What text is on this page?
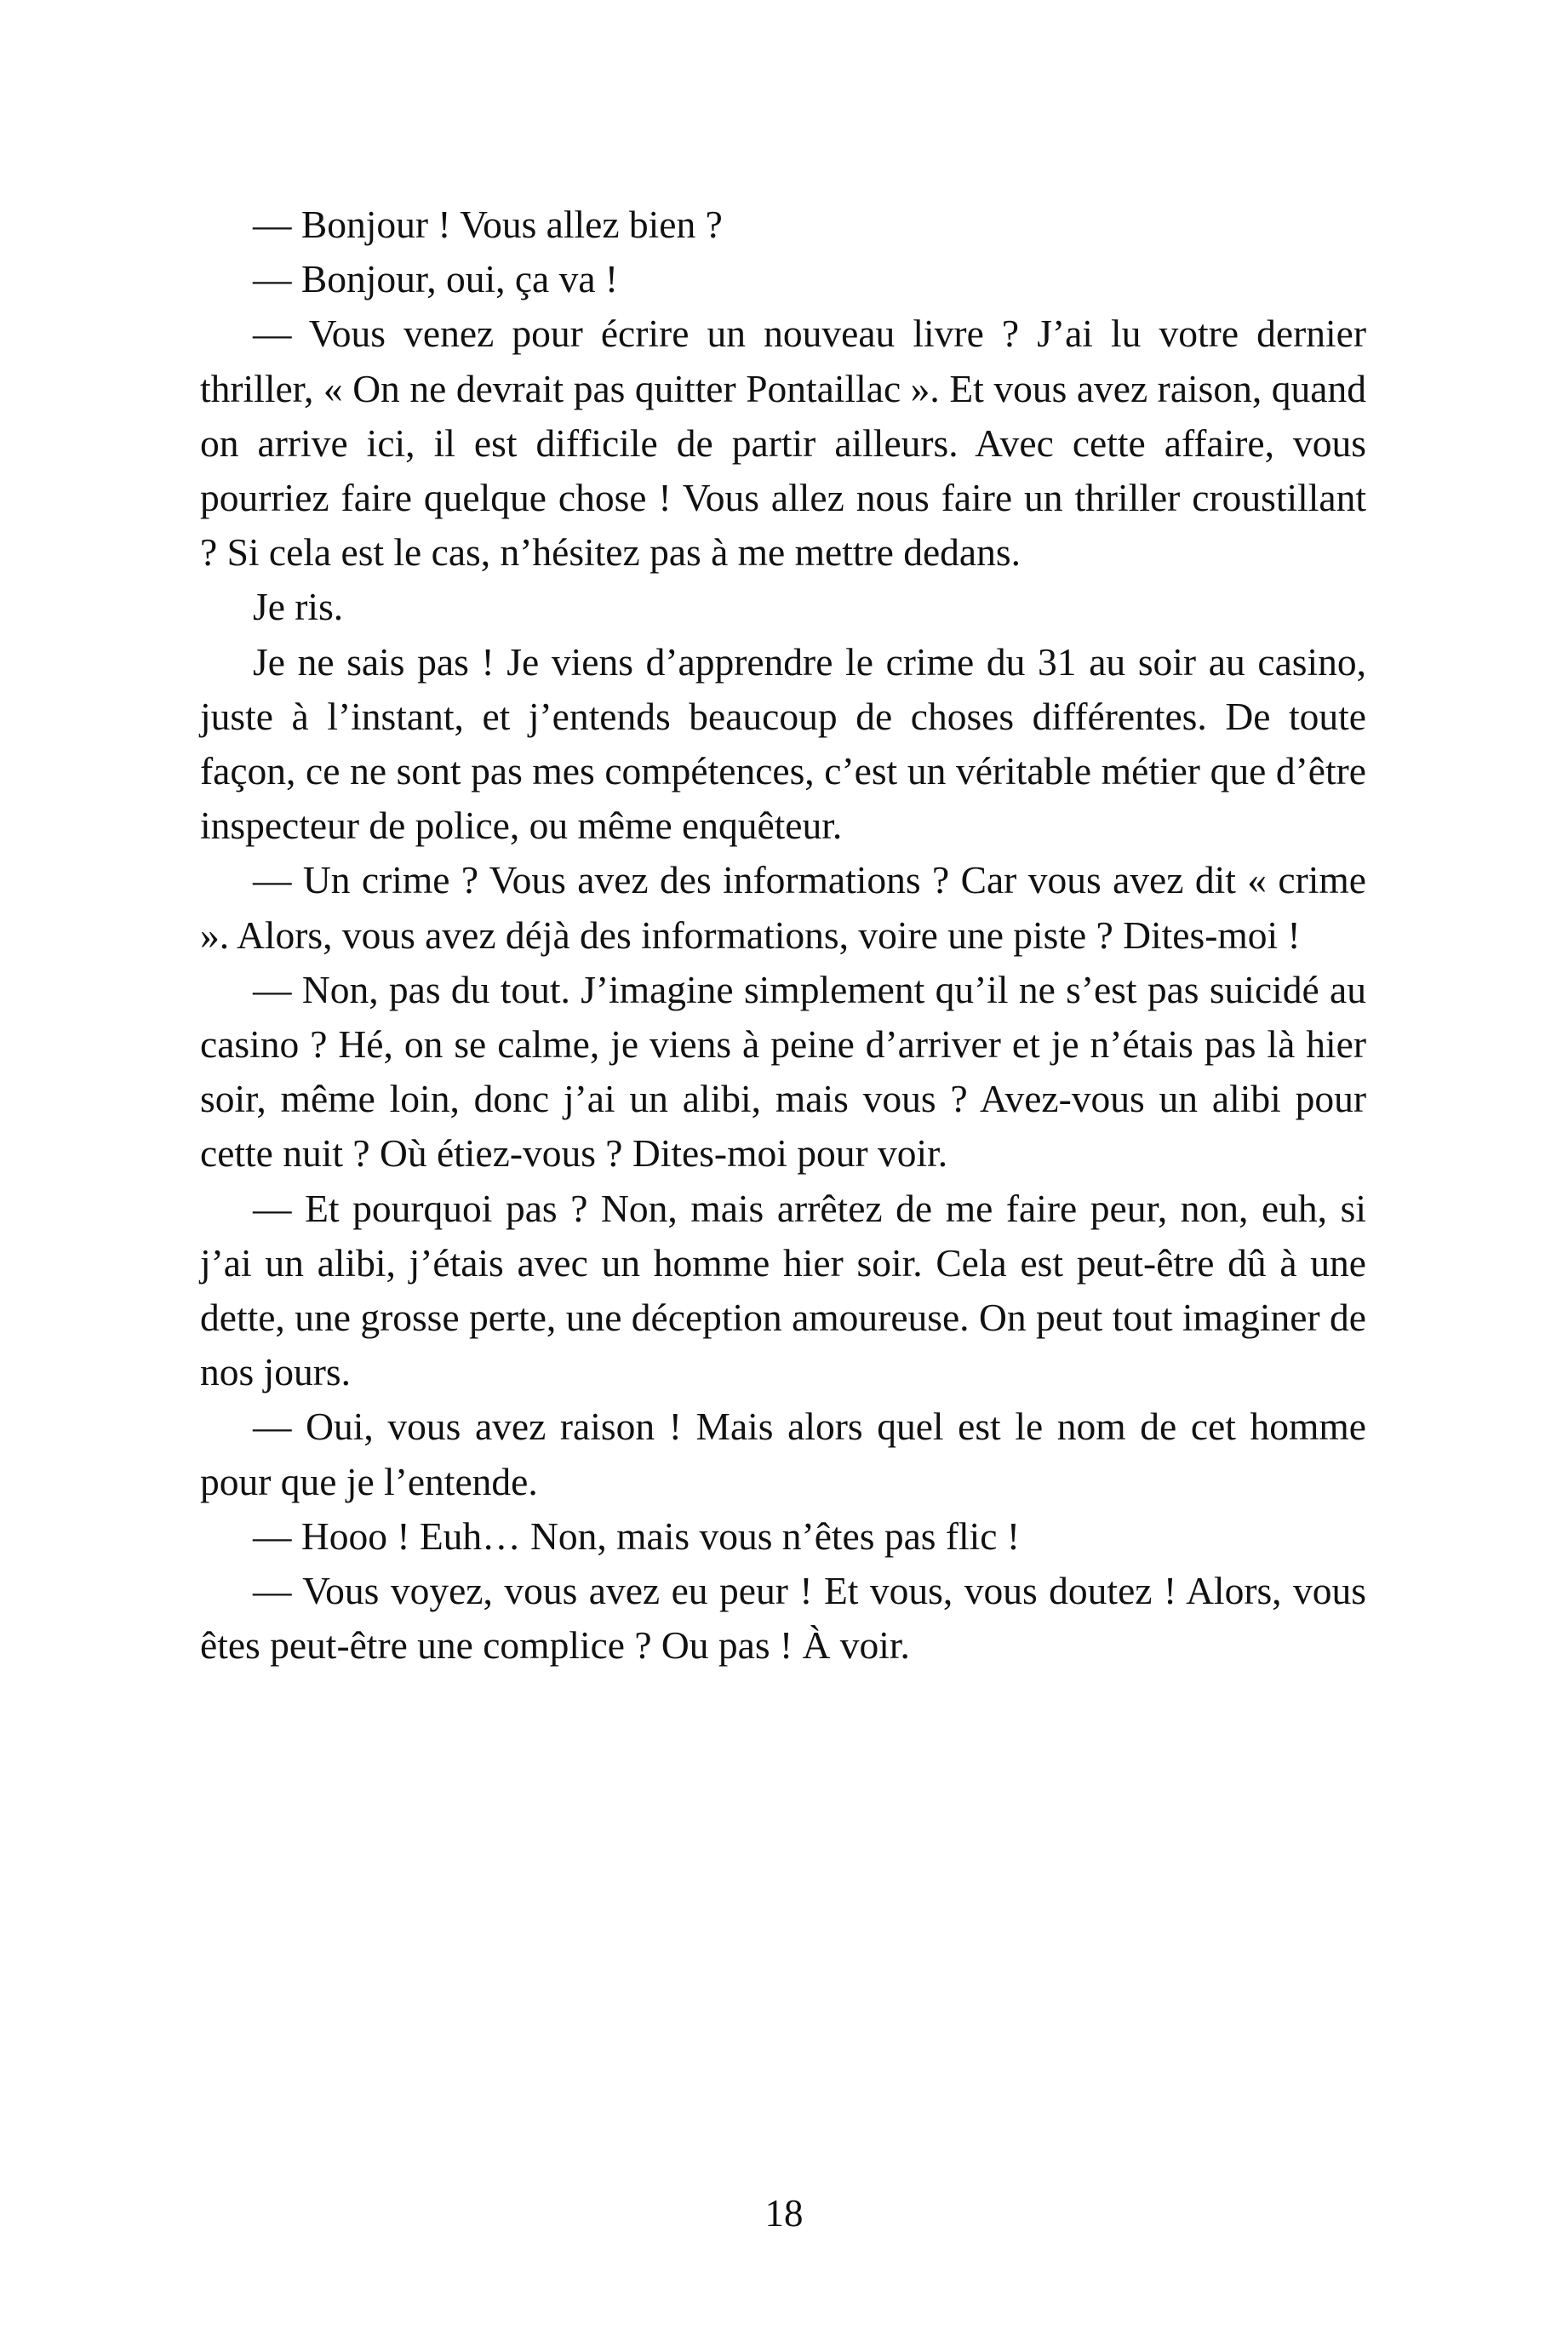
— Bonjour ! Vous allez bien ?

— Bonjour, oui, ça va !

— Vous venez pour écrire un nouveau livre ? J’ai lu votre dernier thriller, « On ne devrait pas quitter Pontaillac ». Et vous avez raison, quand on arrive ici, il est difficile de partir ailleurs. Avec cette affaire, vous pourriez faire quelque chose ! Vous allez nous faire un thriller croustillant ? Si cela est le cas, n’hésitez pas à me mettre dedans.

Je ris.

Je ne sais pas ! Je viens d’apprendre le crime du 31 au soir au casino, juste à l’instant, et j’entends beaucoup de choses différentes. De toute façon, ce ne sont pas mes compétences, c’est un véritable métier que d’être inspecteur de police, ou même enquêteur.

— Un crime ? Vous avez des informations ? Car vous avez dit « crime ». Alors, vous avez déjà des informations, voire une piste ? Dites-moi !

— Non, pas du tout. J’imagine simplement qu’il ne s’est pas suicidé au casino ? Hé, on se calme, je viens à peine d’arriver et je n’étais pas là hier soir, même loin, donc j’ai un alibi, mais vous ? Avez-vous un alibi pour cette nuit ? Où étiez-vous ? Dites-moi pour voir.

— Et pourquoi pas ? Non, mais arrêtez de me faire peur, non, euh, si j’ai un alibi, j’étais avec un homme hier soir. Cela est peut-être dû à une dette, une grosse perte, une déception amoureuse. On peut tout imaginer de nos jours.

— Oui, vous avez raison ! Mais alors quel est le nom de cet homme pour que je l’entende.

— Hooo ! Euh… Non, mais vous n’êtes pas flic !

— Vous voyez, vous avez eu peur ! Et vous, vous doutez ! Alors, vous êtes peut-être une complice ? Ou pas ! À voir.

18
